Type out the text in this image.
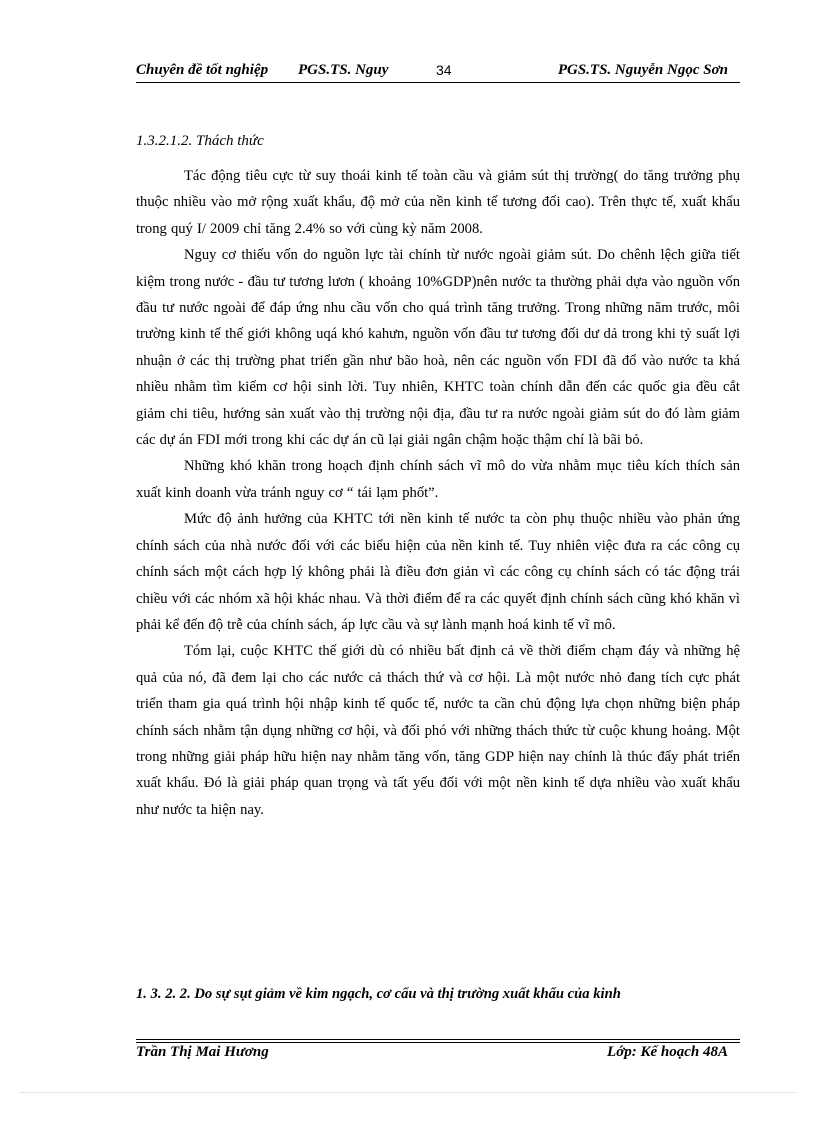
Chuyên đề tốt nghiệp PGS.TS. Nguy	34	PGS.TS. Nguyễn Ngọc Sơn

1.3.2.1.2. Thách thức

Tác động tiêu cực từ suy thoái kinh tế toàn cầu và giảm sút thị trường( do tăng trưởng phụ thuộc nhiều vào mở rộng xuất khẩu, độ mở của nền kinh tế tương đối cao). Trên thực tế, xuất khẩu trong quý I/ 2009 chỉ tăng 2.4% so với cùng kỳ năm 2008.

Nguy cơ thiếu vốn do nguồn lực tài chính từ nước ngoài giảm sút. Do chênh lệch giữa tiết kiệm trong nước - đầu tư tương lươn ( khoảng 10%GDP)nên nước ta thường phải dựa vào nguồn vốn đầu tư nước ngoài để đáp ứng nhu cầu vốn cho quá trình tăng trưởng. Trong những năm trước, môi trường kinh tế thế giới không uqá khó kahưn, nguồn vốn đầu tư tương đối dư dả trong khi tỷ suất lợi nhuận ở các thị trường phat triển gần như bão hoà, nên các nguồn vốn FDI đã đổ vào nước ta khá nhiều nhằm tìm kiếm cơ hội sinh lời. Tuy nhiên, KHTC toàn chính dẫn đến các quốc gia đều cắt giảm chi tiêu, hướng sản xuất vào thị trường nội địa, đầu tư ra nước ngoài giảm sút do đó làm giảm các dự án FDI mới trong khi các dự án cũ lại giải ngân chậm hoặc thậm chí là bãi bỏ.

Những khó khăn trong hoạch định chính sách vĩ mô do vừa nhằm mục tiêu kích thích sản xuất kinh doanh vừa tránh nguy cơ “ tái lạm phốt”.

Mức độ ảnh hưởng của KHTC tới nền kinh tế nước ta còn phụ thuộc nhiều vào phản ứng chính sách của nhà nước đối với các biểu hiện của nền kinh tế. Tuy nhiên việc đưa ra các công cụ chính sách một cách hợp lý không phải là điều đơn giản vì các công cụ chính sách có tác động trái chiều với các nhóm xã hội khác nhau. Và thời điểm để ra các quyết định chính sách cũng khó khăn vì phải kể đến độ trễ của chính sách, áp lực cầu và sự lành mạnh hoá kinh tế vĩ mô.

Tóm lại, cuộc KHTC thế giới dù có nhiều bất định cả về thời điểm chạm đáy và những hệ quả của nó, đã đem lại cho các nước cả thách thứ và cơ hội. Là một nước nhỏ đang tích cực phát triển tham gia quá trình hội nhập kinh tế quốc tế, nước ta cần chủ động lựa chọn những biện pháp chính sách nhằm tận dụng những cơ hội, và đối phó với những thách thức từ cuộc khung hoảng. Một trong những giải pháp hữu hiện nay nhằm tăng vốn, tăng GDP hiện nay chính là thúc đẩy phát triển xuất khẩu. Đó là giải pháp quan trọng và tất yếu đối với một nền kinh tế dựa nhiều vào xuất khẩu như nước ta hiện nay.

1. 3. 2. 2. Do sự sụt giảm về kim ngạch, cơ cấu và thị trường xuất khẩu của kinh
Trần Thị Mai Hương	Lớp: Kế hoạch 48A
